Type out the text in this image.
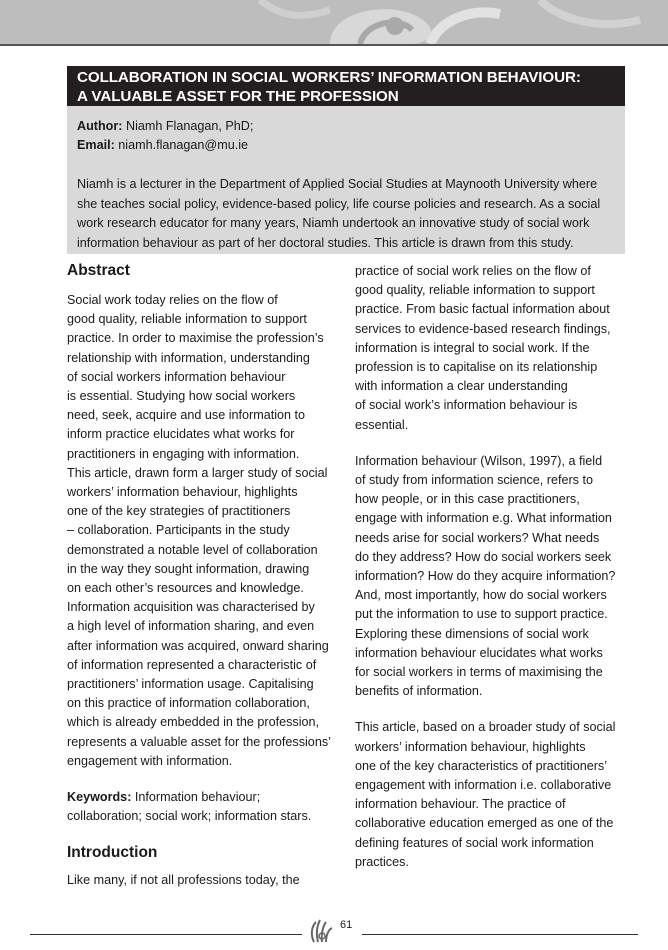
COLLABORATION IN SOCIAL WORKERS’ INFORMATION BEHAVIOUR:
A VALUABLE ASSET FOR THE PROFESSION
Author: Niamh Flanagan, PhD;
Email: niamh.flanagan@mu.ie
Niamh is a lecturer in the Department of Applied Social Studies at Maynooth University where
she teaches social policy, evidence-based policy, life course policies and research. As a social
work research educator for many years, Niamh undertook an innovative study of social work
information behaviour as part of her doctoral studies. This article is drawn from this study.
Abstract
Social work today relies on the flow of
good quality, reliable information to support
practice. In order to maximise the profession’s
relationship with information, understanding
of social workers information behaviour
is essential. Studying how social workers
need, seek, acquire and use information to
inform practice elucidates what works for
practitioners in engaging with information.
This article, drawn form a larger study of social
workers’ information behaviour, highlights
one of the key strategies of practitioners
– collaboration. Participants in the study
demonstrated a notable level of collaboration
in the way they sought information, drawing
on each other’s resources and knowledge.
Information acquisition was characterised by
a high level of information sharing, and even
after information was acquired, onward sharing
of information represented a characteristic of
practitioners’ information usage. Capitalising
on this practice of information collaboration,
which is already embedded in the profession,
represents a valuable asset for the professions’
engagement with information.
Keywords: Information behaviour;
collaboration; social work; information stars.
Introduction
Like many, if not all professions today, the
practice of social work relies on the flow of
good quality, reliable information to support
practice. From basic factual information about
services to evidence-based research findings,
information is integral to social work. If the
profession is to capitalise on its relationship
with information a clear understanding
of social work’s information behaviour is
essential.
Information behaviour (Wilson, 1997), a field
of study from information science, refers to
how people, or in this case practitioners,
engage with information e.g. What information
needs arise for social workers? What needs
do they address? How do social workers seek
information? How do they acquire information?
And, most importantly, how do social workers
put the information to use to support practice.
Exploring these dimensions of social work
information behaviour elucidates what works
for social workers in terms of maximising the
benefits of information.
This article, based on a broader study of social
workers’ information behaviour, highlights
one of the key characteristics of practitioners’
engagement with information i.e. collaborative
information behaviour. The practice of
collaborative education emerged as one of the
defining features of social work information
practices.
61
